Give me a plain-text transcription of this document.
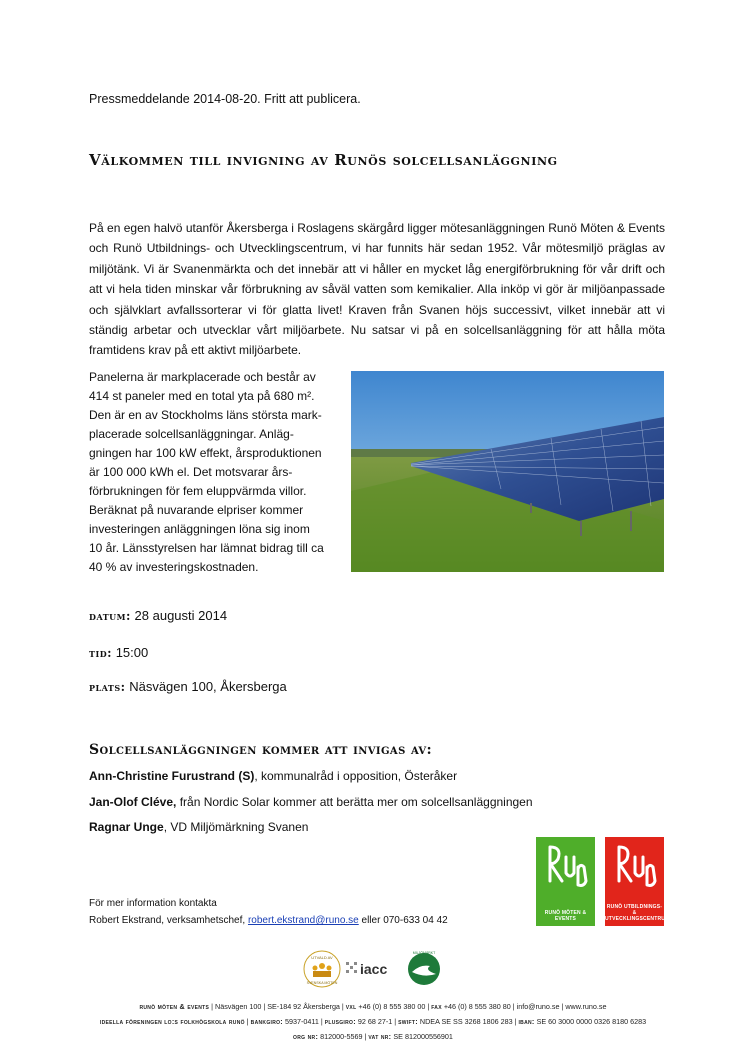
Pressmeddelande 2014-08-20. Fritt att publicera.
Välkommen till invigning av Runös solcellsanläggning

På en egen halvö utanför Åkersberga i Roslagens skärgård ligger mötesanläggningen Runö Möten & Events och Runö Utbildnings- och Utvecklingscentrum, vi har funnits här sedan 1952. Vår mötesmiljö präglas av miljötänk. Vi är Svanenmärkta och det innebär att vi håller en mycket låg energiförbrukning för vår drift och att vi hela tiden minskar vår förbrukning av såväl vatten som kemikalier. Alla inköp vi gör är miljöanpassade och självklart avfallssorterar vi för glatta livet! Kraven från Svanen höjs successivt, vilket innebär att vi ständig arbetar och utvecklar vårt miljöarbete. Nu satsar vi på en solcellsanläggning för att hålla möta framtidens krav på ett aktivt miljöarbete.

Panelerna är markplacerade och består av
414 st paneler med en total yta på 680 m².
Den är en av Stockholms läns största mark-
placerade solcellsanläggningar. Anläg-
gningen har 100 kW effekt, årsproduktionen
är 100 000 kWh el. Det motsvarar års-
förbrukningen för fem eluppvärmda villor.
Beräknat på nuvarande elpriser kommer
investeringen anläggningen löna sig inom
10 år. Länsstyrelsen har lämnat bidrag till ca
40 % av investeringskostnaden.
datum: 28 augusti 2014
tid: 15:00
plats: Näsvägen 100, Åkersberga
Solcellsanläggningen kommer att invigas av:
Ann-Christine Furustrand (S), kommunalråd i opposition, Österåker
Jan-Olof Cléve, från Nordic Solar kommer att berätta mer om solcellsanläggningen
Ragnar Unge, VD Miljömärkning Svanen
RUNÖ MÖTEN & EVENTS
RUNÖ UTBILDNINGS- & UTVECKLINGSCENTRUM
För mer information kontakta
Robert Ekstrand, verksamhetschef, robert.ekstrand@runo.se eller 070-633 04 42
UTVALD AV
SVENSKA MÖTEN
iacc
MILJÖMÄRKT
runö möten & events | Näsvägen 100 | SE-184 92 Åkersberga | vxl +46 (0) 8 555 380 00 | fax +46 (0) 8 555 380 80 | info@runo.se | www.runo.se
ideella föreningen lo:s folkhögskola runö | bankgiro: 5937-0411 | plusgiro: 92 68 27-1 | swift: NDEA SE SS 3268 1806 283 | iban: SE 60 3000 0000 0326 8180 6283
org nr: 812000-5569 | vat nr: SE 812000556901
